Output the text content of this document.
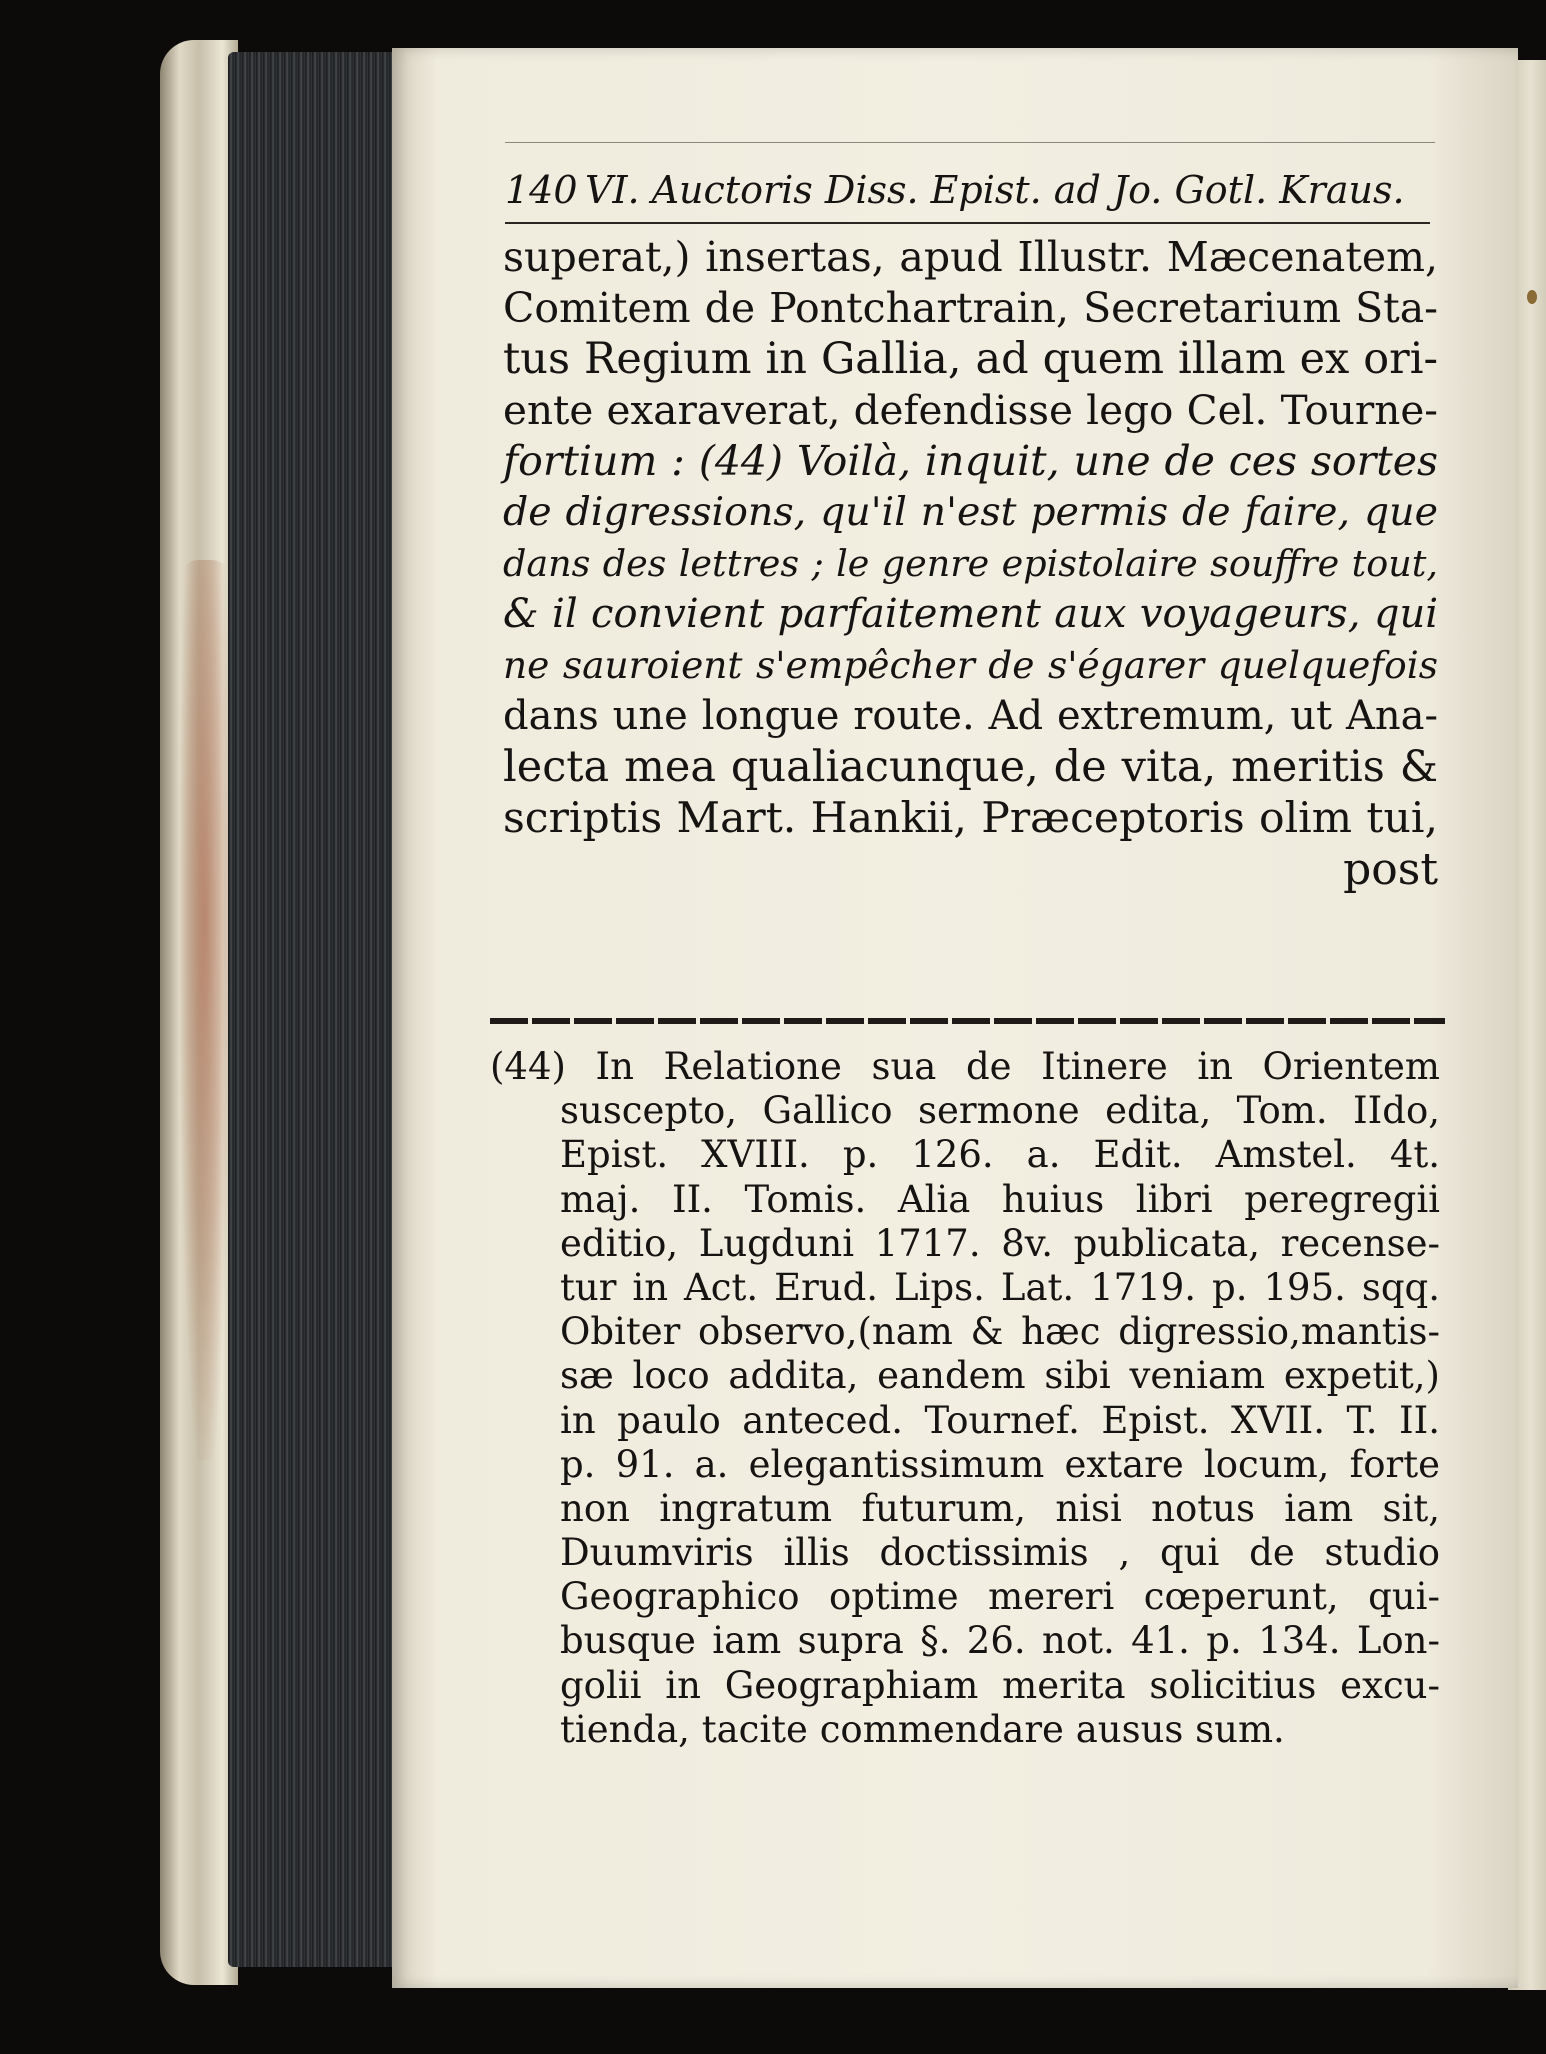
140 VI. Auctoris Diss. Epist. ad Jo. Gotl. Kraus.
superat,) insertas, apud Illustr. Mæcenatem,
Comitem de Pontchartrain, Secretarium Sta-
tus Regium in Gallia, ad quem illam ex ori-
ente exaraverat, defendisse lego Cel. Tourne-
fortium : (44) Voilà, inquit, une de ces sortes
de digressions, qu'il n'est permis de faire, que
dans des lettres ; le genre epistolaire souffre tout,
& il convient parfaitement aux voyageurs, qui
ne sauroient s'empêcher de s'égarer quelquefois
dans une longue route. Ad extremum, ut Ana-
lecta mea qualiacunque, de vita, meritis &
scriptis Mart. Hankii, Præceptoris olim tui,
post
(44) In Relatione sua de Itinere in Orientem
suscepto, Gallico sermone edita, Tom. IIdo,
Epist. XVIII. p. 126. a. Edit. Amstel. 4t.
maj. II. Tomis. Alia huius libri peregregii
editio, Lugduni 1717. 8v. publicata, recense-
tur in Act. Erud. Lips. Lat. 1719. p. 195. sqq.
Obiter observo,(nam & hæc digressio,mantis-
sæ loco addita, eandem sibi veniam expetit,)
in paulo anteced. Tournef. Epist. XVII. T. II.
p. 91. a. elegantissimum extare locum, forte
non ingratum futurum, nisi notus iam sit,
Duumviris illis doctissimis , qui de studio
Geographico optime mereri cœperunt, qui-
busque iam supra §. 26. not. 41. p. 134. Lon-
golii in Geographiam merita solicitius excu-
tienda, tacite commendare ausus sum.
